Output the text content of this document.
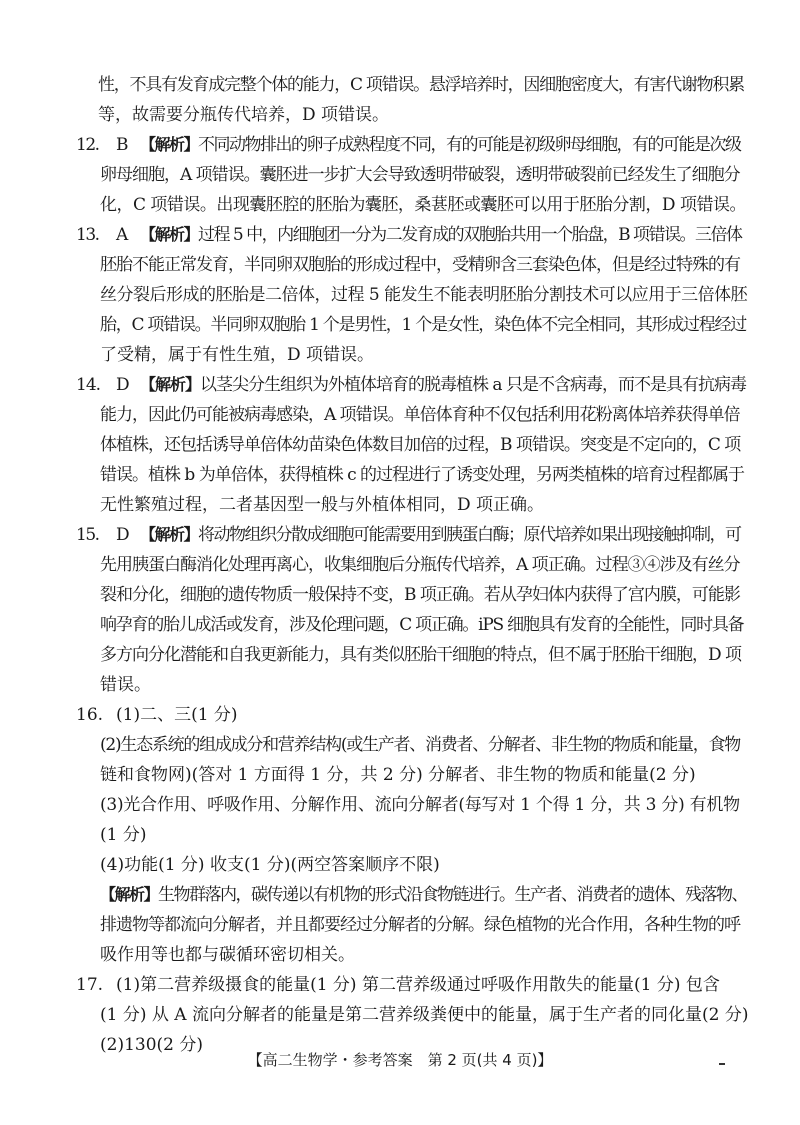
性，不具有发育成完整个体的能力，C 项错误。悬浮培养时，因细胞密度大，有害代谢物积累
等，故需要分瓶传代培养，D 项错误。
12. B 【解析】不同动物排出的卵子成熟程度不同，有的可能是初级卵母细胞，有的可能是次级
卵母细胞，A 项错误。囊胚进一步扩大会导致透明带破裂，透明带破裂前已经发生了细胞分
化，C 项错误。出现囊胚腔的胚胎为囊胚，桑葚胚或囊胚可以用于胚胎分割，D 项错误。
13. A 【解析】过程 5 中，内细胞团一分为二发育成的双胞胎共用一个胎盘，B 项错误。三倍体
胚胎不能正常发育，半同卵双胞胎的形成过程中，受精卵含三套染色体，但是经过特殊的有
丝分裂后形成的胚胎是二倍体，过程 5 能发生不能表明胚胎分割技术可以应用于三倍体胚
胎，C 项错误。半同卵双胞胎 1 个是男性，1 个是女性，染色体不完全相同，其形成过程经过
了受精，属于有性生殖，D 项错误。
14. D 【解析】以茎尖分生组织为外植体培育的脱毒植株 a 只是不含病毒，而不是具有抗病毒
能力，因此仍可能被病毒感染，A 项错误。单倍体育种不仅包括利用花粉离体培养获得单倍
体植株，还包括诱导单倍体幼苗染色体数目加倍的过程，B 项错误。突变是不定向的，C 项
错误。植株 b 为单倍体，获得植株 c 的过程进行了诱变处理，另两类植株的培育过程都属于
无性繁殖过程，二者基因型一般与外植体相同，D 项正确。
15. D 【解析】将动物组织分散成细胞可能需要用到胰蛋白酶；原代培养如果出现接触抑制，可
先用胰蛋白酶消化处理再离心，收集细胞后分瓶传代培养，A 项正确。过程③④涉及有丝分
裂和分化，细胞的遗传物质一般保持不变，B 项正确。若从孕妇体内获得了宫内膜，可能影
响孕育的胎儿成活或发育，涉及伦理问题，C 项正确。iPS 细胞具有发育的全能性，同时具备
多方向分化潜能和自我更新能力，具有类似胚胎干细胞的特点，但不属于胚胎干细胞，D 项
错误。
16. (1)二、三(1 分)
(2)生态系统的组成成分和营养结构(或生产者、消费者、分解者、非生物的物质和能量，食物
链和食物网)(答对 1 方面得 1 分，共 2 分) 分解者、非生物的物质和能量(2 分)
(3)光合作用、呼吸作用、分解作用、流向分解者(每写对 1 个得 1 分，共 3 分) 有机物
(1 分)
(4)功能(1 分) 收支(1 分)(两空答案顺序不限)
【解析】生物群落内，碳传递以有机物的形式沿食物链进行。生产者、消费者的遗体、残落物、
排遗物等都流向分解者，并且都要经过分解者的分解。绿色植物的光合作用，各种生物的呼
吸作用等也都与碳循环密切相关。
17. (1)第二营养级摄食的能量(1 分) 第二营养级通过呼吸作用散失的能量(1 分) 包含
(1 分) 从 A 流向分解者的能量是第二营养级粪便中的能量，属于生产者的同化量(2 分)
(2)130(2 分)
【高二生物学・参考答案　第 2 页(共 4 页)】
